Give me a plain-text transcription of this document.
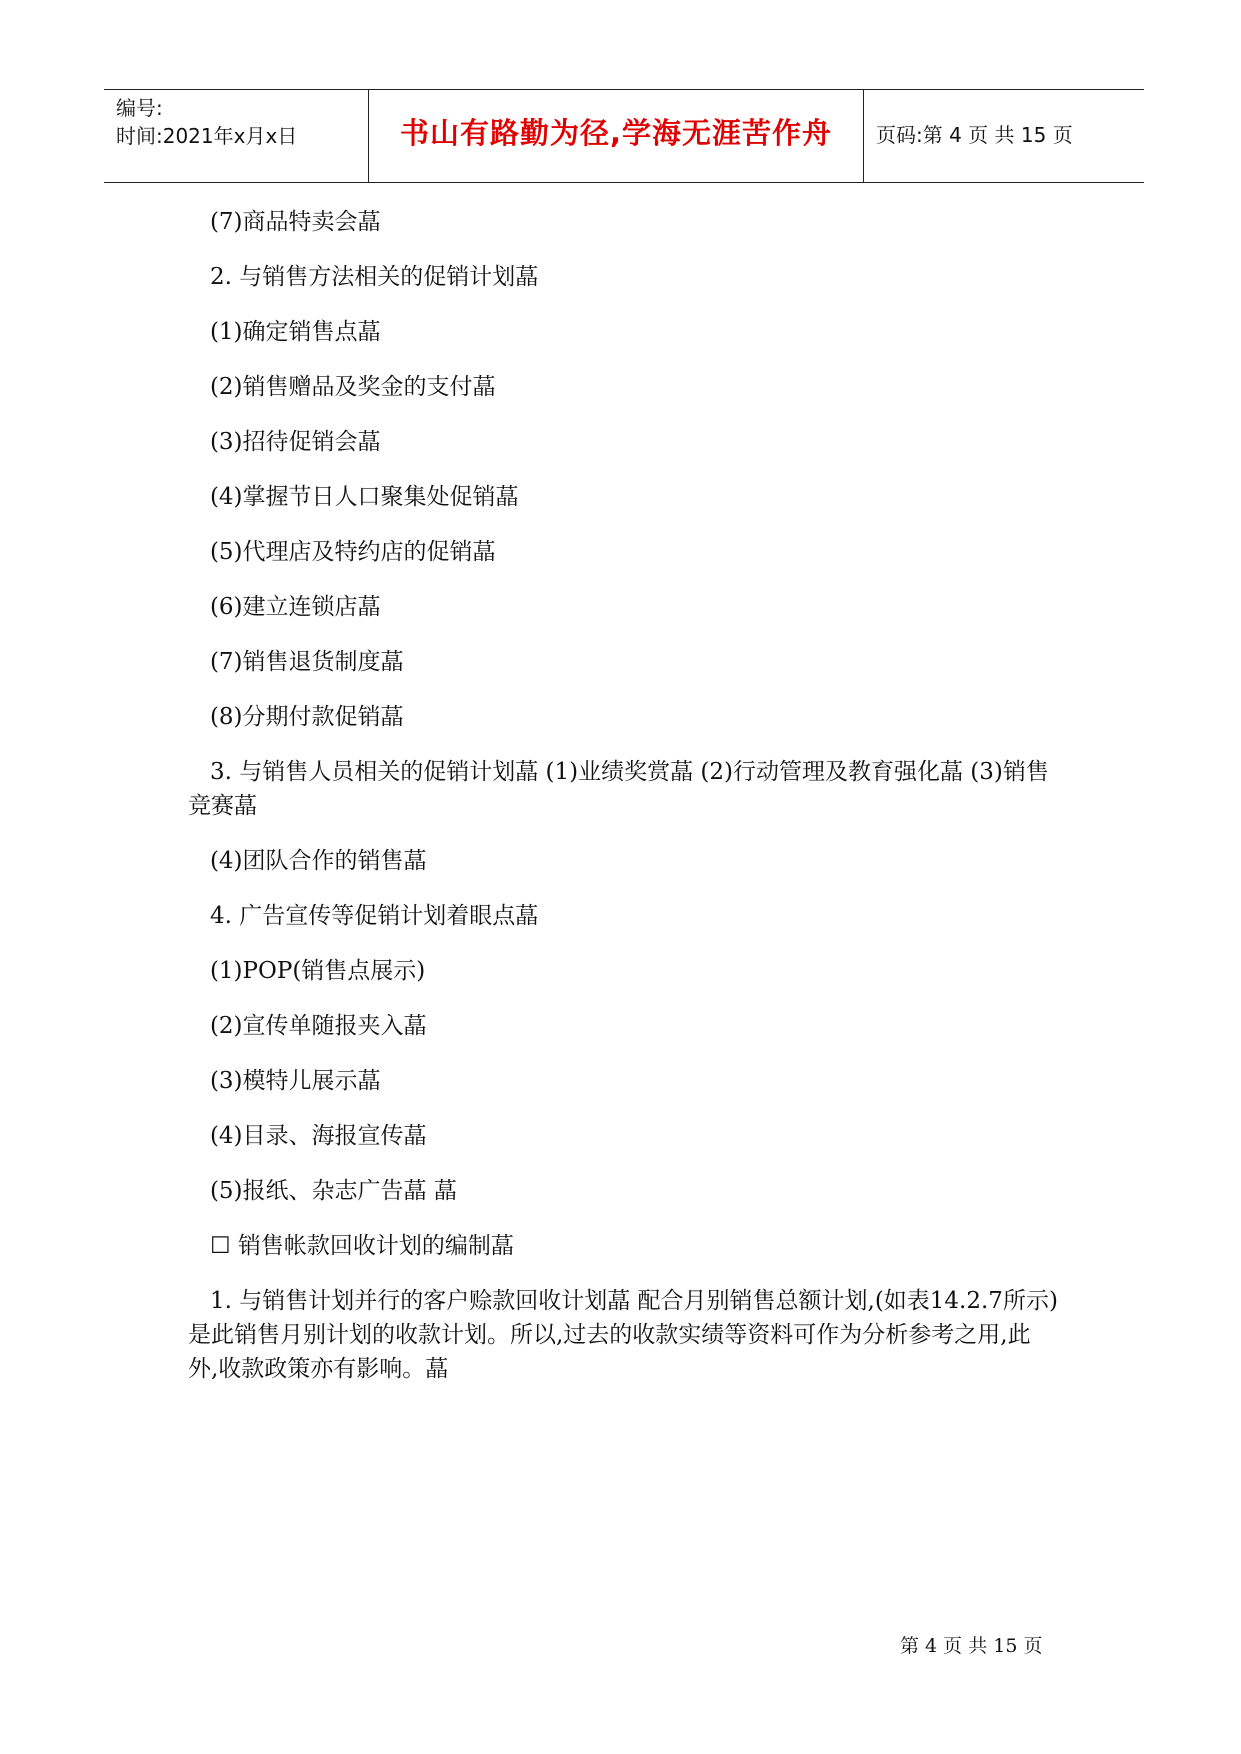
编号:
时间:2021年x月x日	书山有路勤为径,学海无涯苦作舟 页码:第 4 页 共 15 页

(7)商品特卖会蕌

2. 与销售方法相关的促销计划蕌

(1)确定销售点蕌

(2)销售赠品及奖金的支付蕌

(3)招待促销会蕌

(4)掌握节日人口聚集处促销蕌

(5)代理店及特约店的促销蕌

(6)建立连锁店蕌

(7)销售退货制度蕌

(8)分期付款促销蕌

3. 与销售人员相关的促销计划蕌 (1)业绩奖赏蕌 (2)行动管理及教育强化蕌 (3)销售竞赛蕌

(4)团队合作的销售蕌

4. 广告宣传等促销计划着眼点蕌

(1)POP(销售点展示)

(2)宣传单随报夹入蕌

(3)模特儿展示蕌

(4)目录、海报宣传蕌

(5)报纸、杂志广告蕌 蕌

☐ 销售帐款回收计划的编制蕌

1. 与销售计划并行的客户赊款回收计划蕌 配合月别销售总额计划,(如表14.2.7所示)是此销售月别计划的收款计划。所以,过去的收款实绩等资料可作为分析参考之用,此外,收款政策亦有影响。蕌

第 4 页 共 15 页
